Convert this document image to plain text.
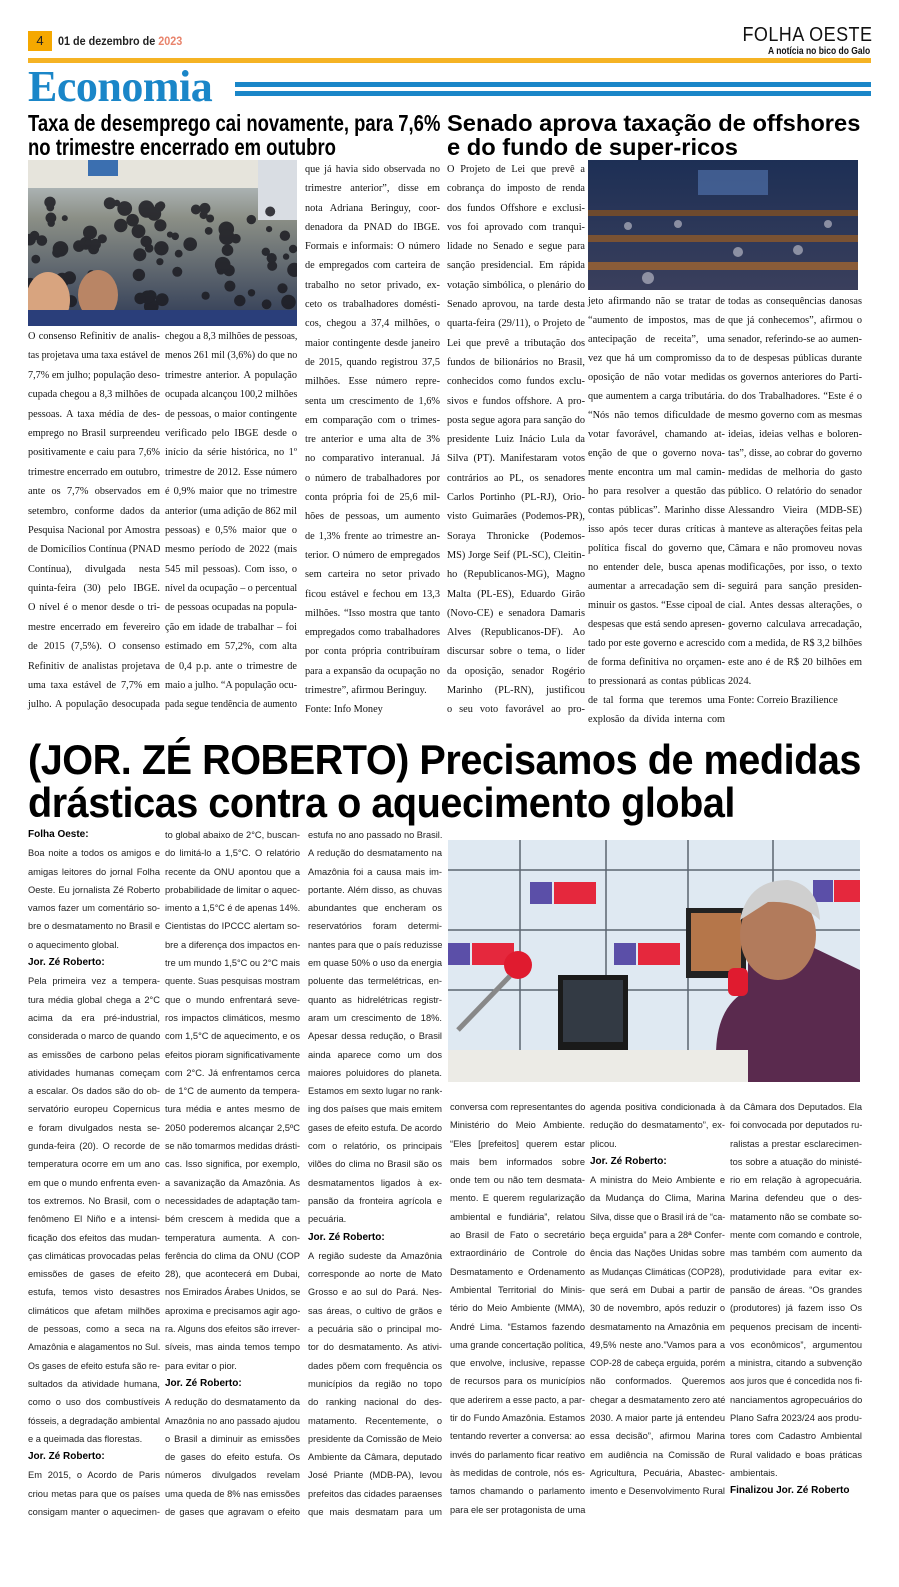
4	01 de dezembro de 2023	FOLHA OESTE
A notícia no bico do Galo
Economia
Taxa de desemprego cai novamente, para 7,6%
no trimestre encerrado em outubro
O consenso Refinitiv de analis-
tas projetava uma taxa estável de
7,7% em julho; população deso-
cupada chegou a 8,3 milhões de
pessoas. A taxa média de des-
emprego no Brasil surpreendeu
positivamente e caiu para 7,6%
trimestre encerrado em outubro,
ante os 7,7% observados em
setembro, conforme dados da
Pesquisa Nacional por Amostra
de Domicílios Contínua (PNAD
Contínua), divulgada nesta
quinta-feira (30) pelo IBGE.
O nível é o menor desde o tri-
mestre encerrado em fevereiro
de 2015 (7,5%). O consenso
Refinitiv de analistas projetava
uma taxa estável de 7,7% em
julho. A população desocupada
chegou a 8,3 milhões de pessoas,
menos 261 mil (3,6%) do que no
trimestre anterior. A população
ocupada alcançou 100,2 milhões
de pessoas, o maior contingente
verificado pelo IBGE desde o
início da série histórica, no 1º
trimestre de 2012. Esse número
é 0,9% maior que no trimestre
anterior (uma adição de 862 mil
pessoas) e 0,5% maior que o
mesmo período de 2022 (mais
545 mil pessoas). Com isso, o
nível da ocupação – o percentual
de pessoas ocupadas na popula-
ção em idade de trabalhar – foi
estimado em 57,2%, com alta
de 0,4 p.p. ante o trimestre de
maio a julho. “A população ocu-
pada segue tendência de aumento
que já havia sido observada no
trimestre anterior”, disse em
nota Adriana Beringuy, coor-
denadora da PNAD do IBGE.
Formais e informais: O número
de empregados com carteira de
trabalho no setor privado, ex-
ceto os trabalhadores domésti-
cos, chegou a 37,4 milhões, o
maior contingente desde janeiro
de 2015, quando registrou 37,5
milhões. Esse número repre-
senta um crescimento de 1,6%
em comparação com o trimes-
tre anterior e uma alta de 3%
no comparativo interanual. Já
o número de trabalhadores por
conta própria foi de 25,6 mil-
hões de pessoas, um aumento
de 1,3% frente ao trimestre an-
terior. O número de empregados
sem carteira no setor privado
ficou estável e fechou em 13,3
milhões. “Isso mostra que tanto
empregados como trabalhadores
por conta própria contribuíram
para a expansão da ocupação no
trimestre”, afirmou Beringuy.
Fonte: Info Money
Senado aprova taxação de offshores
e do fundo de super-ricos
O Projeto de Lei que prevê a
cobrança do imposto de renda
dos fundos Offshore e exclusi-
vos foi aprovado com tranqui-
lidade no Senado e segue para
sanção presidencial. Em rápida
votação simbólica, o plenário do
Senado aprovou, na tarde desta
quarta-feira (29/11), o Projeto de
Lei que prevê a tributação dos
fundos de bilionários no Brasil,
conhecidos como fundos exclu-
sivos e fundos offshore. A pro-
posta segue agora para sanção do
presidente Luiz Inácio Lula da
Silva (PT). Manifestaram votos
contrários ao PL, os senadores
Carlos Portinho (PL-RJ), Orio-
visto Guimarães (Podemos-PR),
Soraya Thronicke (Podemos-
MS) Jorge Seif (PL-SC), Cleitin-
ho (Republicanos-MG), Magno
Malta (PL-ES), Eduardo Girão
(Novo-CE) e senadora Damaris
Alves (Republicanos-DF). Ao
discursar sobre o tema, o líder
da oposição, senador Rogério
Marinho (PL-RN), justificou
o seu voto favorável ao pro-
jeto afirmando não se tratar de
“aumento de impostos, mas de
antecipação de receita”, uma
vez que há um compromisso da
oposição de não votar medidas
que aumentem a carga tributária.
“Nós não temos dificuldade de
votar favorável, chamando at-
enção de que o governo nova-
mente encontra um mal camin-
ho para resolver a questão das
contas públicas”. Marinho disse
isso após tecer duras críticas à
política fiscal do governo que,
no entender dele, busca apenas
aumentar a arrecadação sem di-
minuir os gastos. “Esse cipoal de
despesas que está sendo apresen-
tado por este governo e acrescido
de forma definitiva no orçamen-
to pressionará as contas públicas
de tal forma que teremos uma
explosão da dívida interna com
todas as consequências danosas
que já conhecemos”, afirmou o
senador, referindo-se ao aumen-
to de despesas públicas durante
os governos anteriores do Parti-
do dos Trabalhadores. “Este é o
mesmo governo com as mesmas
ideias, ideias velhas e boloren-
tas”, disse, ao cobrar do governo
medidas de melhoria do gasto
público. O relatório do senador
Alessandro Vieira (MDB-SE)
manteve as alterações feitas pela
Câmara e não promoveu novas
modificações, por isso, o texto
seguirá para sanção presiden-
cial. Antes dessas alterações, o
governo calculava arrecadação,
com a medida, de R$ 3,2 bilhões
este ano é de R$ 20 bilhões em
2024.
Fonte: Correio Brazilience
(JOR. ZÉ ROBERTO) Precisamos de medidas
drásticas contra o aquecimento global
Folha Oeste:
Boa noite a todos os amigos e
amigas leitores do jornal Folha
Oeste. Eu jornalista Zé Roberto
vamos fazer um comentário so-
bre o desmatamento no Brasil e
o aquecimento global.
Jor. Zé Roberto:
Pela primeira vez a tempera-
tura média global chega a 2°C
acima da era pré-industrial,
considerada o marco de quando
as emissões de carbono pelas
atividades humanas começam
a escalar. Os dados são do ob-
servatório europeu Copernicus
e foram divulgados nesta se-
gunda-feira (20). O recorde de
temperatura ocorre em um ano
em que o mundo enfrenta even-
tos extremos. No Brasil, com o
fenômeno El Niño e a intensi-
ficação dos efeitos das mudan-
ças climáticas provocadas pelas
emissões de gases de efeito
estufa, temos visto desastres
climáticos que afetam milhões
de pessoas, como a seca na
Amazônia e alagamentos no Sul.
Os gases de efeito estufa são re-
sultados da atividade humana,
como o uso dos combustíveis
fósseis, a degradação ambiental
e a queimada das florestas.
Jor. Zé Roberto:
Em 2015, o Acordo de Paris
criou metas para que os países
consigam manter o aquecimen-
to global abaixo de 2°C, buscan-
do limitá-lo a 1,5°C. O relatório
recente da ONU apontou que a
probabilidade de limitar o aquec-
imento a 1,5°C é de apenas 14%.
Cientistas do IPCCC alertam so-
bre a diferença dos impactos en-
tre um mundo 1,5°C ou 2°C mais
quente. Suas pesquisas mostram
que o mundo enfrentará seve-
ros impactos climáticos, mesmo
com 1,5°C de aquecimento, e os
efeitos pioram significativamente
com 2°C. Já enfrentamos cerca
de 1°C de aumento da tempera-
tura média e antes mesmo de
2050 poderemos alcançar 2,5ºC
se não tomarmos medidas drásti-
cas. Isso significa, por exemplo,
a savanização da Amazônia. As
necessidades de adaptação tam-
bém crescem à medida que a
temperatura aumenta. A con-
ferência do clima da ONU (COP
28), que acontecerá em Dubai,
nos Emirados Árabes Unidos, se
aproxima e precisamos agir ago-
ra. Alguns dos efeitos são irrever-
síveis, mas ainda temos tempo
para evitar o pior.
Jor. Zé Roberto:
A redução do desmatamento da
Amazônia no ano passado ajudou
o Brasil a diminuir as emissões
de gases do efeito estufa. Os
números divulgados revelam
uma queda de 8% nas emissões
de gases que agravam o efeito
estufa no ano passado no Brasil.
A redução do desmatamento na
Amazônia foi a causa mais im-
portante. Além disso, as chuvas
abundantes que encheram os
reservatórios foram determi-
nantes para que o país reduzisse
em quase 50% o uso da energia
poluente das termelétricas, en-
quanto as hidrelétricas registr-
aram um crescimento de 18%.
Apesar dessa redução, o Brasil
ainda aparece como um dos
maiores poluidores do planeta.
Estamos em sexto lugar no rank-
ing dos países que mais emitem
gases de efeito estufa. De acordo
com o relatório, os principais
vilões do clima no Brasil são os
desmatamentos ligados à ex-
pansão da fronteira agrícola e
pecuária.
Jor. Zé Roberto:
A região sudeste da Amazônia
corresponde ao norte de Mato
Grosso e ao sul do Pará. Nes-
sas áreas, o cultivo de grãos e
a pecuária são o principal mo-
tor do desmatamento. As ativi-
dades põem com frequência os
municípios da região no topo
do ranking nacional do des-
matamento. Recentemente, o
presidente da Comissão de Meio
Ambiente da Câmara, deputado
José Priante (MDB-PA), levou
prefeitos das cidades paraenses
que mais desmatam para um
conversa com representantes do
Ministério do Meio Ambiente.
“Eles [prefeitos] querem estar
mais bem informados sobre
onde tem ou não tem desmata-
mento. E querem regularização
ambiental e fundiária”, relatou
ao Brasil de Fato o secretário
extraordinário de Controle do
Desmatamento e Ordenamento
Ambiental Territorial do Minis-
tério do Meio Ambiente (MMA),
André Lima. “Estamos fazendo
uma grande concertação política,
que envolve, inclusive, repasse
de recursos para os municípios
que aderirem a esse pacto, a par-
tir do Fundo Amazônia. Estamos
tentando reverter a conversa: ao
invés do parlamento ficar reativo
às medidas de controle, nós es-
tamos chamando o parlamento
para ele ser protagonista de uma
agenda positiva condicionada à
redução do desmatamento”, ex-
plicou.
Jor. Zé Roberto:
A ministra do Meio Ambiente e
da Mudança do Clima, Marina
Silva, disse que o Brasil irá de “ca-
beça erguida” para a 28ª Confer-
ência das Nações Unidas sobre
as Mudanças Climáticas (COP28),
que será em Dubai a partir de
30 de novembro, após reduzir o
desmatamento na Amazônia em
49,5% neste ano.”Vamos para a
COP-28 de cabeça erguida, porém
não conformados. Queremos
chegar a desmatamento zero até
2030. A maior parte já entendeu
essa decisão”, afirmou Marina
em audiência na Comissão de
Agricultura, Pecuária, Abastec-
imento e Desenvolvimento Rural
da Câmara dos Deputados. Ela
foi convocada por deputados ru-
ralistas a prestar esclarecimen-
tos sobre a atuação do ministé-
rio em relação à agropecuária.
Marina defendeu que o des-
matamento não se combate so-
mente com comando e controle,
mas também com aumento da
produtividade para evitar ex-
pansão de áreas. “Os grandes
(produtores) já fazem isso Os
pequenos precisam de incenti-
vos econômicos”, argumentou
a ministra, citando a subvenção
aos juros que é concedida nos fi-
nanciamentos agropecuários do
Plano Safra 2023/24 aos produ-
tores com Cadastro Ambiental
Rural validado e boas práticas
ambientais.
Finalizou Jor. Zé Roberto
